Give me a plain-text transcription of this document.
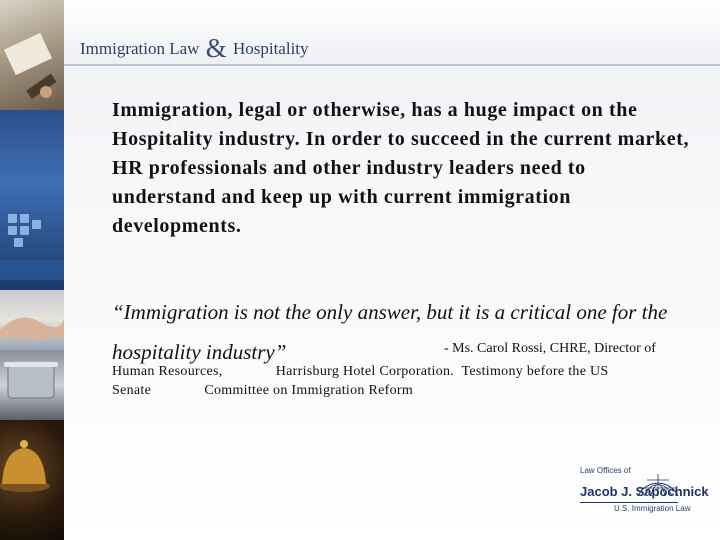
Immigration Law & Hospitality

Immigration, legal or otherwise, has a huge impact on the Hospitality industry. In order to succeed in the current market, HR professionals and other industry leaders need to understand and keep up with current immigration developments.

“Immigration is not the only answer, but it is a critical one for the hospitality industry”	- Ms. Carol Rossi, CHRE, Director of

Human Resources,              Harrisburg Hotel Corporation.  Testimony before the US
Senate              Committee on Immigration Reform

Law Offices of
Jacob J. Sapochnick
U.S. Immigration Law
